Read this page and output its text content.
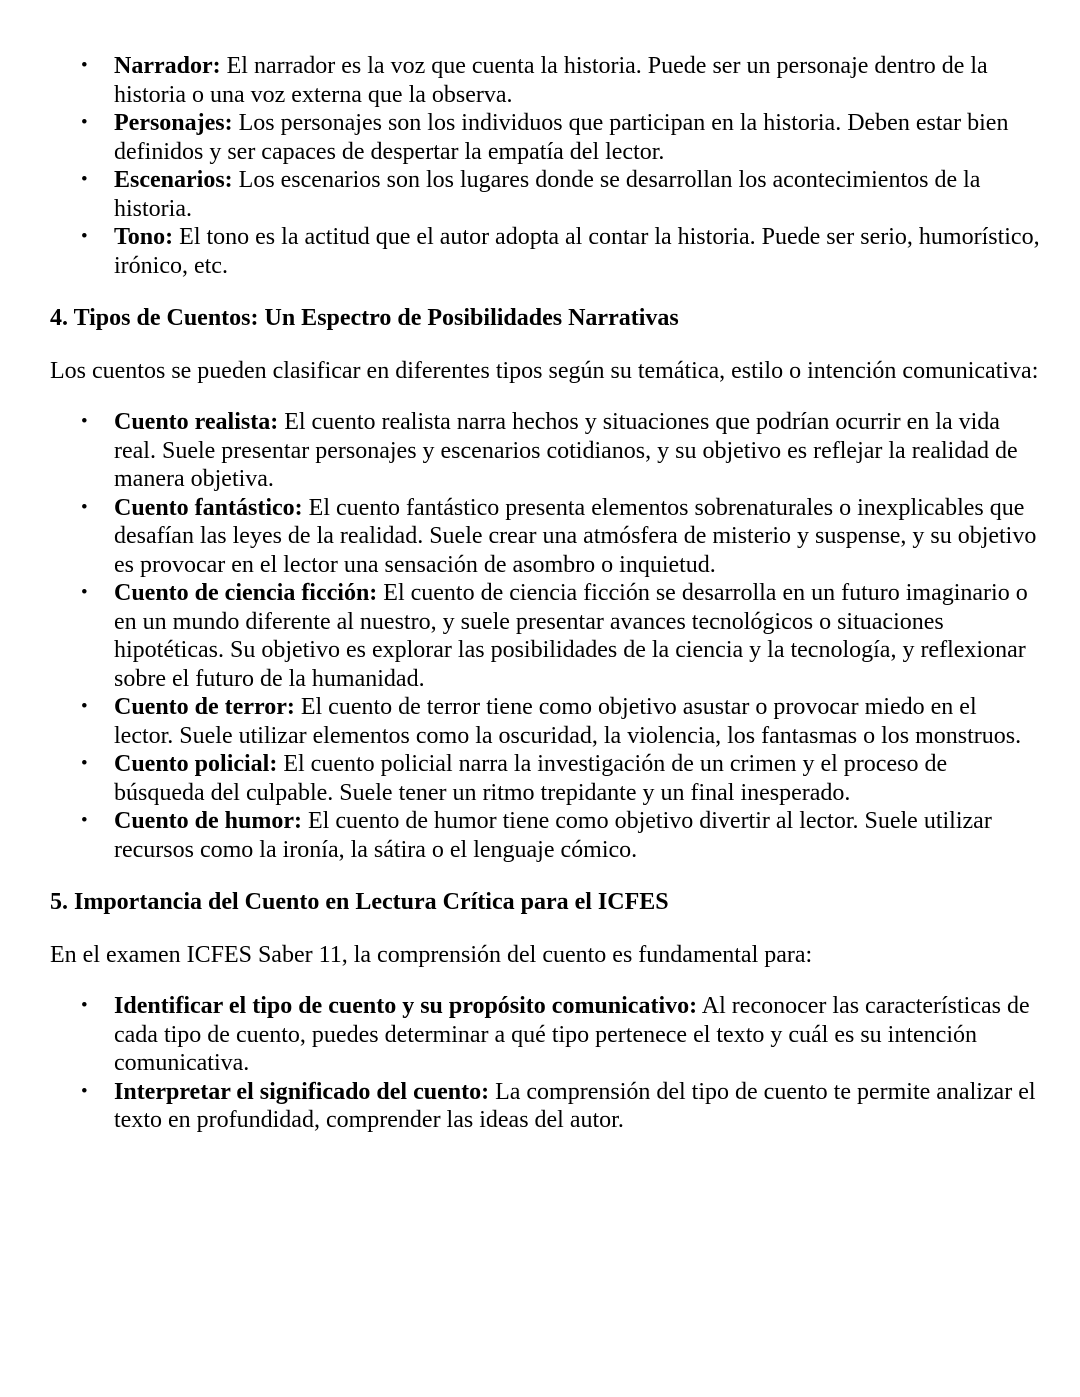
• Narrador: El narrador es la voz que cuenta la historia. Puede ser un personaje dentro de la historia o una voz externa que la observa.
• Personajes: Los personajes son los individuos que participan en la historia. Deben estar bien definidos y ser capaces de despertar la empatía del lector.
• Escenarios: Los escenarios son los lugares donde se desarrollan los acontecimientos de la historia.
• Tono: El tono es la actitud que el autor adopta al contar la historia. Puede ser serio, humorístico, irónico, etc.
4. Tipos de Cuentos: Un Espectro de Posibilidades Narrativas

Los cuentos se pueden clasificar en diferentes tipos según su temática, estilo o intención comunicativa:

• Cuento realista: El cuento realista narra hechos y situaciones que podrían ocurrir en la vida real. Suele presentar personajes y escenarios cotidianos, y su objetivo es reflejar la realidad de manera objetiva.
• Cuento fantástico: El cuento fantástico presenta elementos sobrenaturales o inexplicables que desafían las leyes de la realidad. Suele crear una atmósfera de misterio y suspense, y su objetivo es provocar en el lector una sensación de asombro o inquietud.
• Cuento de ciencia ficción: El cuento de ciencia ficción se desarrolla en un futuro imaginario o en un mundo diferente al nuestro, y suele presentar avances tecnológicos o situaciones hipotéticas. Su objetivo es explorar las posibilidades de la ciencia y la tecnología, y reflexionar sobre el futuro de la humanidad.
• Cuento de terror: El cuento de terror tiene como objetivo asustar o provocar miedo en el lector. Suele utilizar elementos como la oscuridad, la violencia, los fantasmas o los monstruos.
• Cuento policial: El cuento policial narra la investigación de un crimen y el proceso de búsqueda del culpable. Suele tener un ritmo trepidante y un final inesperado.
• Cuento de humor: El cuento de humor tiene como objetivo divertir al lector. Suele utilizar recursos como la ironía, la sátira o el lenguaje cómico.
5. Importancia del Cuento en Lectura Crítica para el ICFES

En el examen ICFES Saber 11, la comprensión del cuento es fundamental para:

• Identificar el tipo de cuento y su propósito comunicativo: Al reconocer las características de cada tipo de cuento, puedes determinar a qué tipo pertenece el texto y cuál es su intención comunicativa.
• Interpretar el significado del cuento: La comprensión del tipo de cuento te permite analizar el texto en profundidad, comprender las ideas del autor.
